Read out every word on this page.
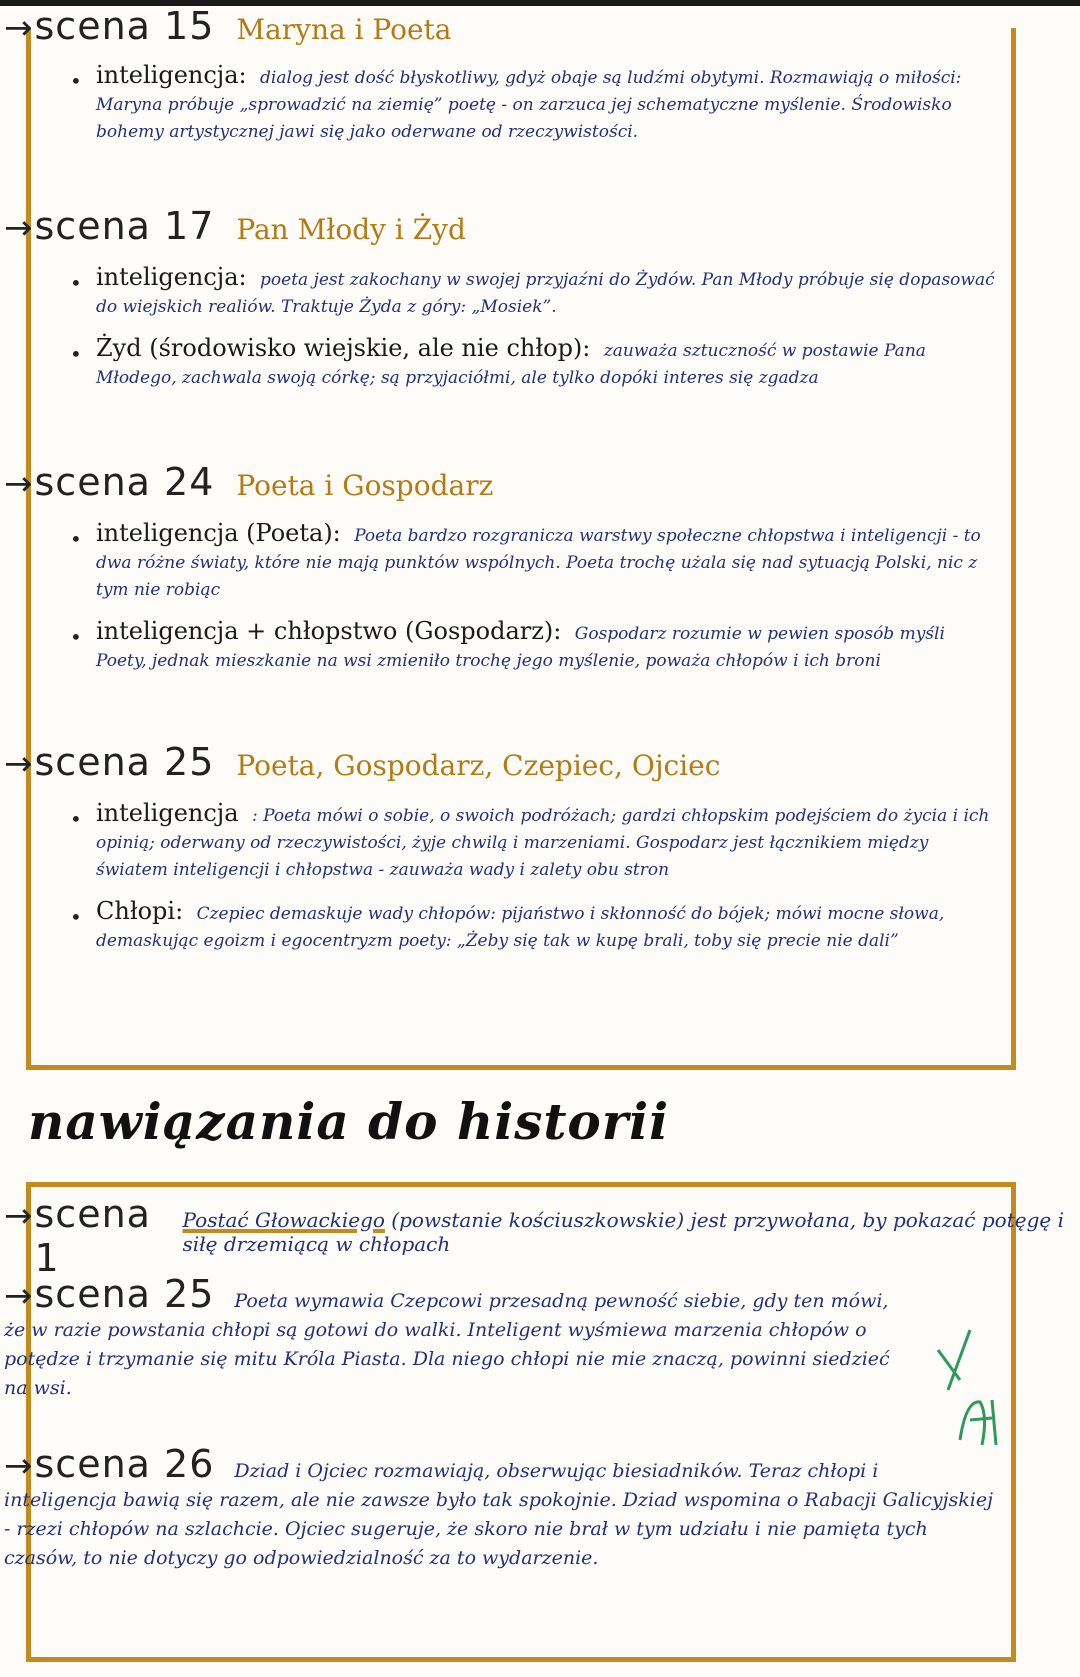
→ scena 15 Maryna i Poeta
• inteligencja: dialog jest dość błyskotliwy, gdyż obaje są ludźmi obytymi. Rozmawiają o miłości: Maryna próbuje „sprowadzić na ziemię” poetę - on zarzuca jej schematyczne myślenie. Środowisko bohemy artystycznej jawi się jako oderwane od rzeczywistości.
→ scena 17 Pan Młody i Żyd
• inteligencja: poeta jest zakochany w swojej przyjaźni do Żydów. Pan Młody próbuje się dopasować do wiejskich realiów. Traktuje Żyda z góry: „Mosiek”.
• Żyd (środowisko wiejskie, ale nie chłop): zauważa sztuczność w postawie Pana Młodego, zachwala swoją córkę; są przyjaciółmi, ale tylko dopóki interes się zgadza
→ scena 24 Poeta i Gospodarz
• inteligencja (Poeta): Poeta bardzo rozgranicza warstwy społeczne chłopstwa i inteligencji - to dwa różne światy, które nie mają punktów wspólnych. Poeta trochę użala się nad sytuacją Polski, nic z tym nie robiąc
• inteligencja + chłopstwo (Gospodarz): Gospodarz rozumie w pewien sposób myśli Poety, jednak mieszkanie na wsi zmieniło trochę jego myślenie, poważa chłopów i ich broni
→ scena 25 Poeta, Gospodarz, Czepiec, Ojciec
• inteligencja : Poeta mówi o sobie, o swoich podróżach; gardzi chłopskim podejściem do życia i ich opinią; oderwany od rzeczywistości, żyje chwilą i marzeniami. Gospodarz jest łącznikiem między światem inteligencji i chłopstwa - zauważa wady i zalety obu stron
• Chłopi: Czepiec demaskuje wady chłopów: pijaństwo i skłonność do bójek; mówi mocne słowa, demaskując egoizm i egocentryzm poety: „Żeby się tak w kupę brali, toby się precie nie dali”
nawiązania do historii
→ scena 1
Postać Głowackiego (powstanie kościuszkowskie) jest przywołana, by pokazać potęgę i siłę drzemiącą w chłopach
→scena 25 Poeta wymawia Czepcowi przesadną pewność siebie, gdy ten mówi, że w razie powstania chłopi są gotowi do walki. Inteligent wyśmiewa marzenia chłopów o potędze i trzymanie się mitu Króla Piasta. Dla niego chłopi nie mie znaczą, powinni siedzieć na wsi.
→scena 26 Dziad i Ojciec rozmawiają, obserwując biesiadników. Teraz chłopi i inteligencja bawią się razem, ale nie zawsze było tak spokojnie. Dziad wspomina o Rabacji Galicyjskiej - rzezi chłopów na szlachcie. Ojciec sugeruje, że skoro nie brał w tym udziału i nie pamięta tych czasów, to nie dotyczy go odpowiedzialność za to wydarzenie.
